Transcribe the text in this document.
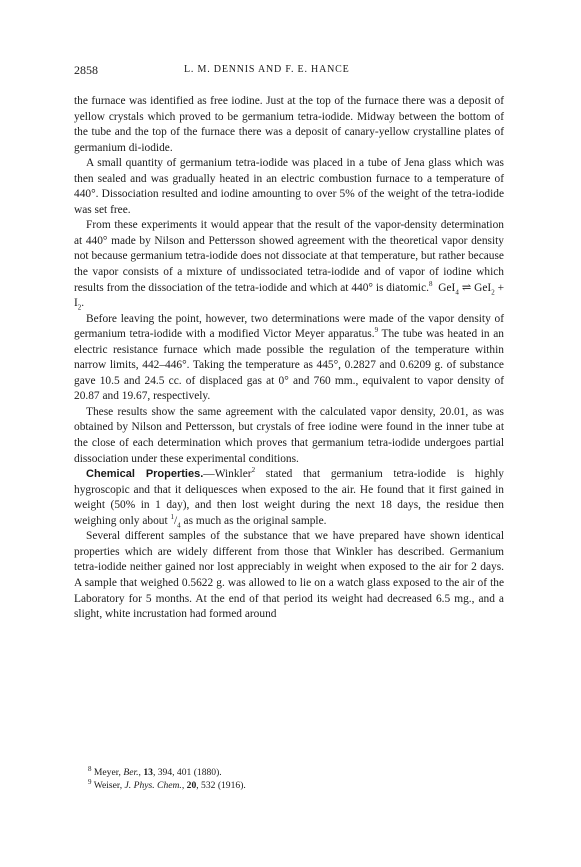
2858	L. M. DENNIS AND F. E. HANCE

the furnace was identified as free iodine. Just at the top of the furnace there was a deposit of yellow crystals which proved to be germanium tetra-iodide. Midway between the bottom of the tube and the top of the furnace there was a deposit of canary-yellow crystalline plates of germanium di-iodide.

A small quantity of germanium tetra-iodide was placed in a tube of Jena glass which was then sealed and was gradually heated in an electric combustion furnace to a temperature of 440°. Dissociation resulted and iodine amounting to over 5% of the weight of the tetra-iodide was set free.

From these experiments it would appear that the result of the vapor-density determination at 440° made by Nilson and Pettersson showed agreement with the theoretical vapor density not because germanium tetra-iodide does not dissociate at that temperature, but rather because the vapor consists of a mixture of undissociated tetra-iodide and of vapor of iodine which results from the dissociation of the tetra-iodide and which at 440° is diatomic.$^8$ GeI$_4$ ⇌ $GeI_2 + I_2$.

Before leaving the point, however, two determinations were made of the vapor density of germanium tetra-iodide with a modified Victor Meyer apparatus.$^9$ The tube was heated in an electric resistance furnace which made possible the regulation of the temperature within narrow limits, 442–446°. Taking the temperature as 445°, 0.2827 and 0.6209 g. of substance gave 10.5 and 24.5 cc. of displaced gas at 0° and 760 mm., equivalent to vapor density of 20.87 and 19.67, respectively.

These results show the same agreement with the calculated vapor density, 20.01, as was obtained by Nilson and Pettersson, but crystals of free iodine were found in the inner tube at the close of each determination which proves that germanium tetra-iodide undergoes partial dissociation under these experimental conditions.

Chemical Properties.—Winkler$^2$ stated that germanium tetra-iodide is highly hygroscopic and that it deliquesces when exposed to the air. He found that it first gained in weight (50% in 1 day), and then lost weight during the next 18 days, the residue then weighing only about $^1/_4$ as much as the original sample.

Several different samples of the substance that we have prepared have shown identical properties which are widely different from those that Winkler has described. Germanium tetra-iodide neither gained nor lost appreciably in weight when exposed to the air for 2 days. A sample that weighed 0.5622 g. was allowed to lie on a watch glass exposed to the air of the Laboratory for 5 months. At the end of that period its weight had decreased 6.5 mg., and a slight, white incrustation had formed around

$^8$ Meyer, Ber., 13, 394, 401 (1880).
$^9$ Weiser, J. Phys. Chem., 20, 532 (1916).
